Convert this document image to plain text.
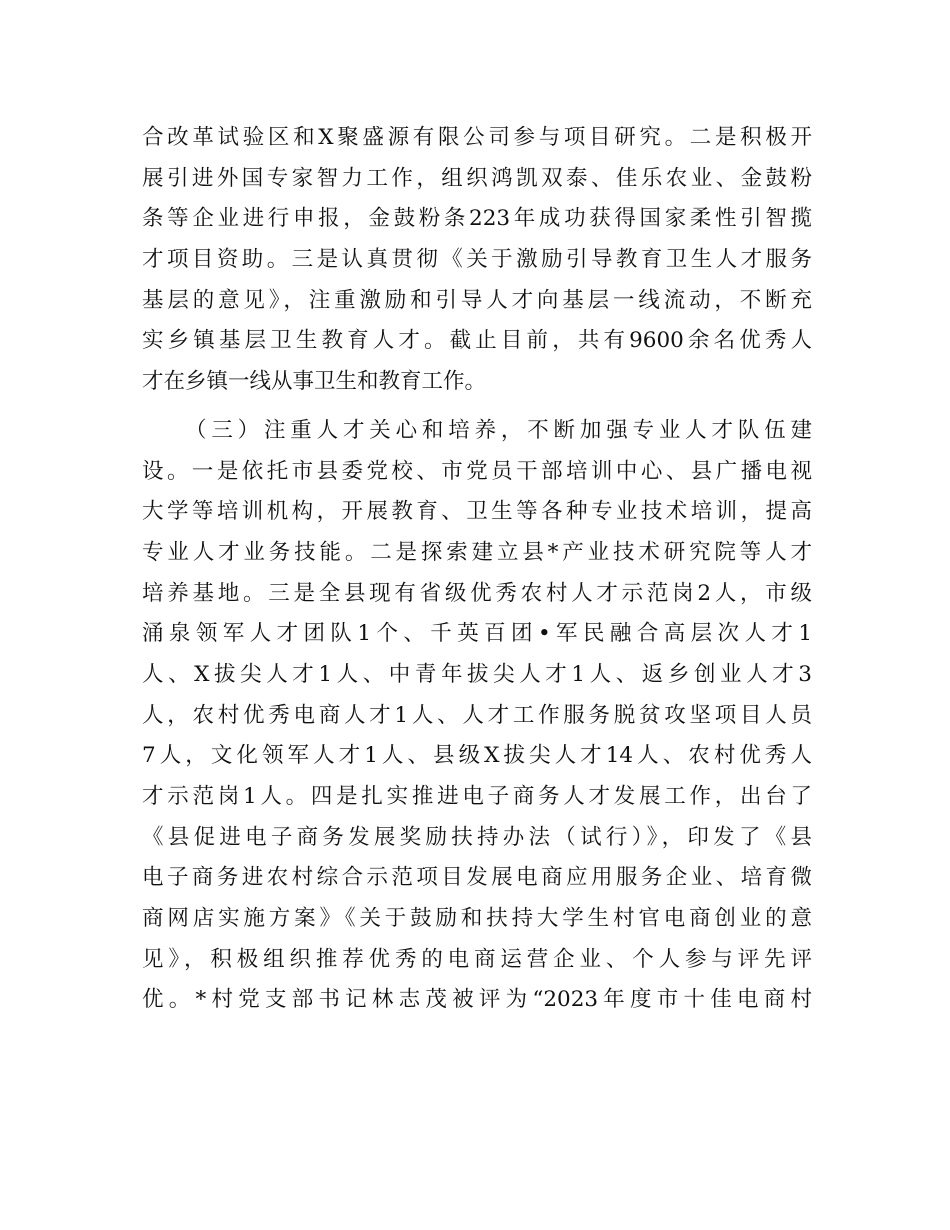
合改革试验区和X聚盛源有限公司参与项目研究。二是积极开
展引进外国专家智力工作，组织鸿凯双泰、佳乐农业、金鼓粉
条等企业进行申报，金鼓粉条223年成功获得国家柔性引智揽
才项目资助。三是认真贯彻《关于激励引导教育卫生人才服务
基层的意见》，注重激励和引导人才向基层一线流动，不断充
实乡镇基层卫生教育人才。截止目前，共有9600余名优秀人
才在乡镇一线从事卫生和教育工作。
（三）注重人才关心和培养，不断加强专业人才队伍建
设。一是依托市县委党校、市党员干部培训中心、县广播电视
大学等培训机构，开展教育、卫生等各种专业技术培训，提高
专业人才业务技能。二是探索建立县*产业技术研究院等人才
培养基地。三是全县现有省级优秀农村人才示范岗2人，市级
涌泉领军人才团队1个、千英百团•军民融合高层次人才1
人、X拔尖人才1人、中青年拔尖人才1人、返乡创业人才3
人，农村优秀电商人才1人、人才工作服务脱贫攻坚项目人员
7人，文化领军人才1人、县级X拔尖人才14人、农村优秀人
才示范岗1人。四是扎实推进电子商务人才发展工作，出台了
《县促进电子商务发展奖励扶持办法（试行）》，印发了《县
电子商务进农村综合示范项目发展电商应用服务企业、培育微
商网店实施方案》《关于鼓励和扶持大学生村官电商创业的意
见》，积极组织推荐优秀的电商运营企业、个人参与评先评
优。*村党支部书记林志茂被评为“2023年度市十佳电商村
